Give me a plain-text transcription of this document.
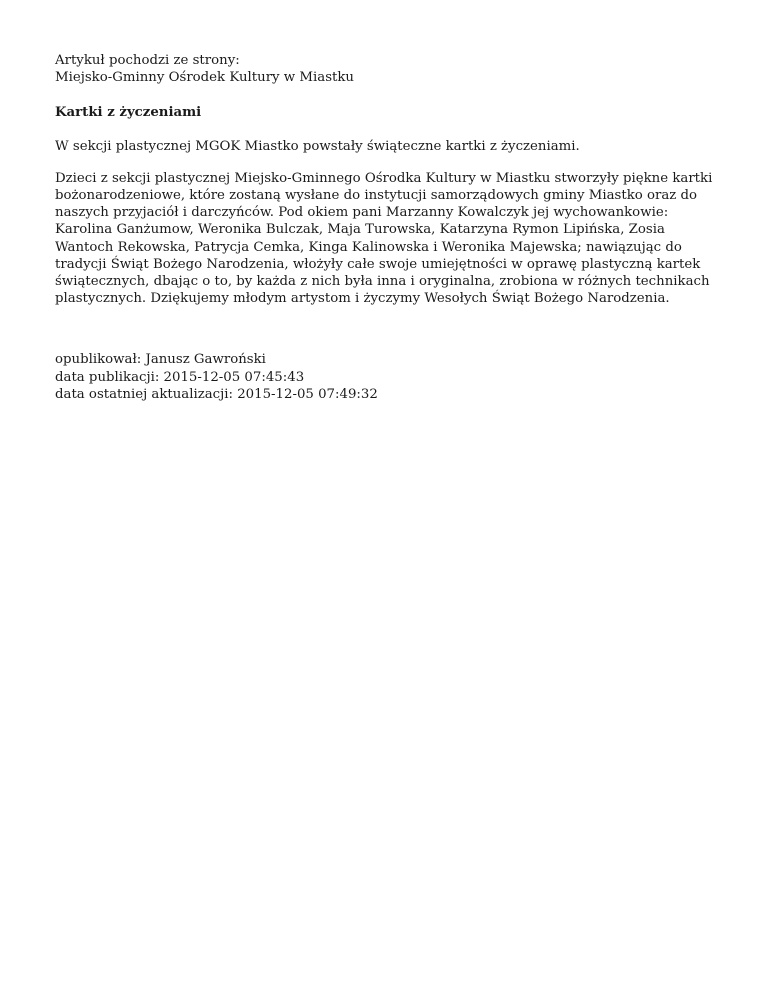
Artykuł pochodzi ze strony:

Miejsko-Gminny Ośrodek Kultury w Miastku

Kartki z życzeniami

W sekcji plastycznej MGOK Miastko powstały świąteczne kartki z życzeniami.

Dzieci z sekcji plastycznej Miejsko-Gminnego Ośrodka Kultury w Miastku stworzyły piękne kartki bożonarodzeniowe, które zostaną wysłane do instytucji samorządowych gminy Miastko oraz do naszych przyjaciół i darczyńców. Pod okiem pani Marzanny Kowalczyk jej wychowankowie: Karolina Ganżumow, Weronika Bulczak, Maja Turowska, Katarzyna Rymon Lipińska, Zosia Wantoch Rekowska, Patrycja Cemka, Kinga Kalinowska i Weronika Majewska; nawiązując do tradycji Świąt Bożego Narodzenia, włożyły całe swoje umiejętności w oprawę plastyczną kartek świątecznych, dbając o to, by każda z nich była inna i oryginalna, zrobiona w różnych technikach plastycznych. Dziękujemy młodym artystom i życzymy Wesołych Świąt Bożego Narodzenia.

opublikował: Janusz Gawroński

data publikacji: 2015-12-05 07:45:43

data ostatniej aktualizacji: 2015-12-05 07:49:32
